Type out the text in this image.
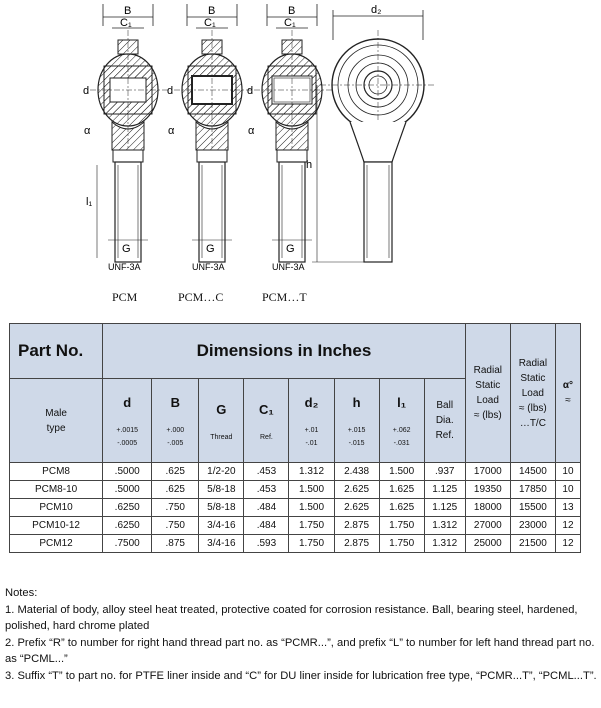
B
C₁
d
α
l₁
G
UNF-3A
B
C₁
d
α
G
UNF-3A
B
C₁
d
α
G
UNF-3A
d₂
h
PCM	PCM…C	PCM…T
Part No.	Dimensions in Inches								Radial
Static
Load
≈ (lbs)	Radial
Static
Load
≈ (lbs)
…T/C	α°
≈
Male
type	d
+.0015
-.0005	B
+.000
-.005	G
Thread	C₁
Ref.	d₂
+.01
-.01	h
+.015
-.015	l₁
+.062
-.031	Ball
Dia.
Ref.			
PCM8	.5000	.625	1/2-20	.453	1.312	2.438	1.500	.937	17000	14500	10
PCM8-10	.5000	.625	5/8-18	.453	1.500	2.625	1.625	1.125	19350	17850	10
PCM10	.6250	.750	5/8-18	.484	1.500	2.625	1.625	1.125	18000	15500	13
PCM10-12	.6250	.750	3/4-16	.484	1.750	2.875	1.750	1.312	27000	23000	12
PCM12	.7500	.875	3/4-16	.593	1.750	2.875	1.750	1.312	25000	21500	12
Notes:
1. Material of body, alloy steel heat treated, protective coated for corrosion resistance. Ball, bearing steel, hardened, polished, hard chrome plated
2. Prefix “R” to number for right hand thread part no. as “PCMR...”, and prefix “L” to number for left hand thread part no. as “PCML...”
3. Suffix “T” to part no. for PTFE liner inside and “C” for DU liner inside for lubrication free type, “PCMR...T”, “PCML...T”.
